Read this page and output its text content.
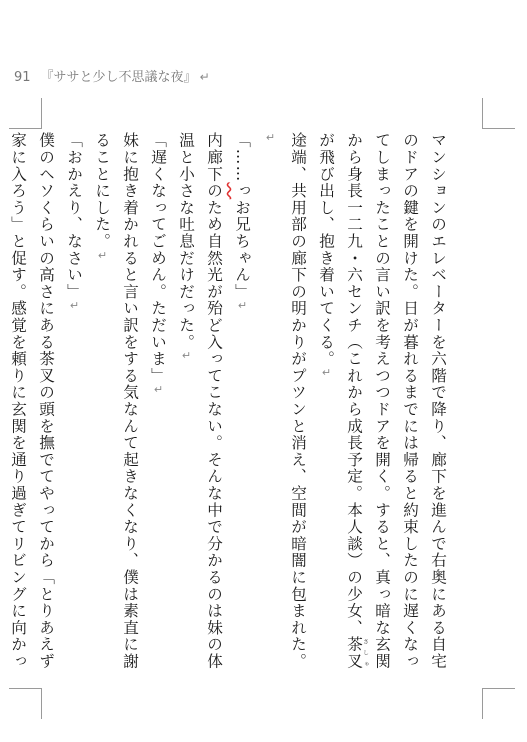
91 『ササと少し不思議な夜』 ↵

マンションのエレベーターを六階で降り、廊下を進んで右奥にある自宅のドアの鍵を開けた。日が暮れるまでには帰ると約束したのに遅くなってしまったことの言い訳を考えつつドアを開く。すると、真っ暗な玄関から身長一二九・六センチ（これから成長予定。本人談）の少女、茶叉さしゃが飛び出し、抱き着いてくる。↵

途端、共用部の廊下の明かりがプツンと消え、空間が暗闇に包まれた。↵

「……っお兄ちゃん」↵

内廊下のため自然光が殆ど入ってこない。そんな中で分かるのは妹の体温と小さな吐息だけだった。↵

「遅くなってごめん。ただいま」↵

妹に抱き着かれると言い訳をする気なんて起きなくなり、僕は素直に謝ることにした。↵

「おかえり、なさい」↵

僕のヘソくらいの高さにある茶叉の頭を撫でてやってから「とりあえず家に入ろう」と促す。感覚を頼りに玄関を通り過ぎてリビングに向かっ
